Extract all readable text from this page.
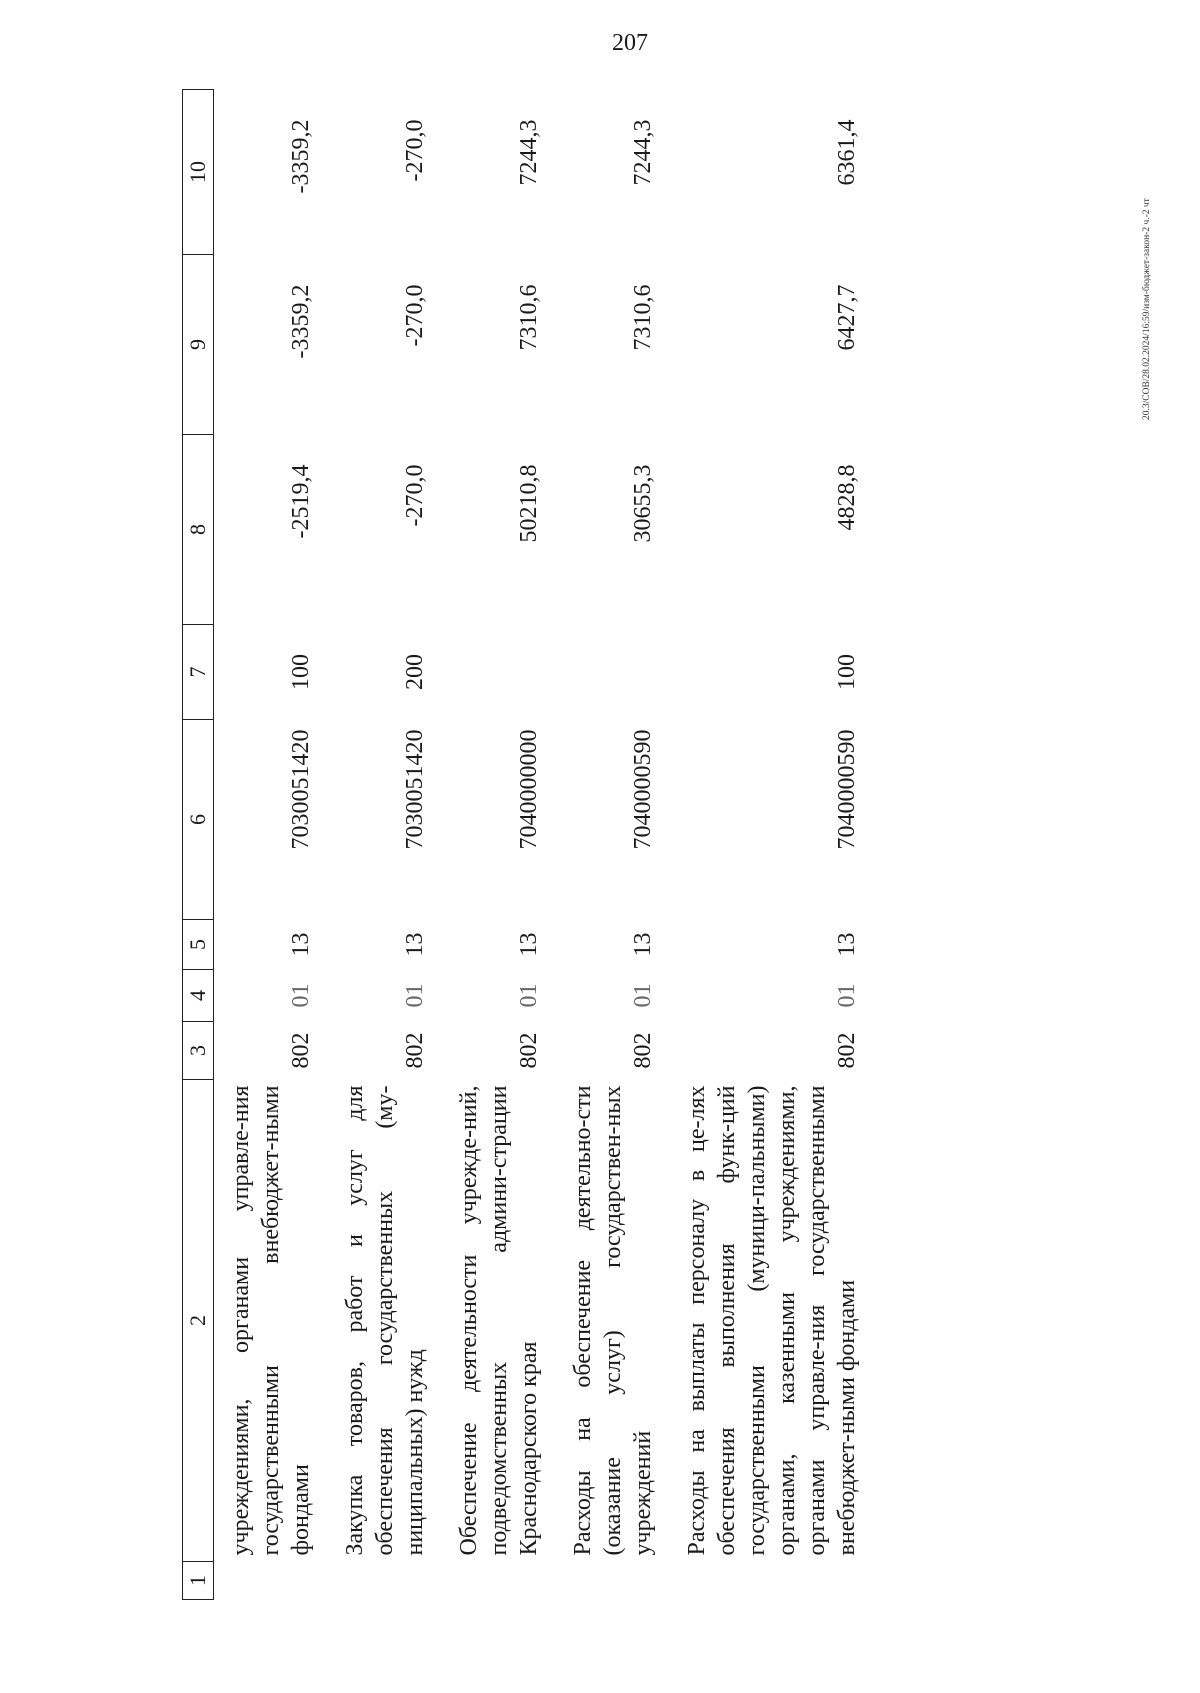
207
20.3/СОВ/28.02.2024/16:59/изм-бюджет-закон-2 ч.-2 чт
1	2	3	4	5	6	7	8	9	10
	учреждениями, органами управле-ния государственными внебюджет-ными фондами	802	01	13	7030051420	100	-2519,4	-3359,2	-3359,2
	Закупка товаров, работ и услуг для обеспечения государственных (му-ниципальных) нужд	802	01	13	7030051420	200	-270,0	-270,0	-270,0
	Обеспечение деятельности учрежде-ний, подведомственных админи-страции Краснодарского края	802	01	13	7040000000		50210,8	7310,6	7244,3
	Расходы на обеспечение деятельно-сти (оказание услуг) государствен-ных учреждений	802	01	13	7040000590		30655,3	7310,6	7244,3
	Расходы на выплаты персоналу в це-лях обеспечения выполнения функ-ций государственными (муници-пальными) органами, казенными учреждениями, органами управле-ния государственными внебюджет-ными фондами	802	01	13	7040000590	100	4828,8	6427,7	6361,4
